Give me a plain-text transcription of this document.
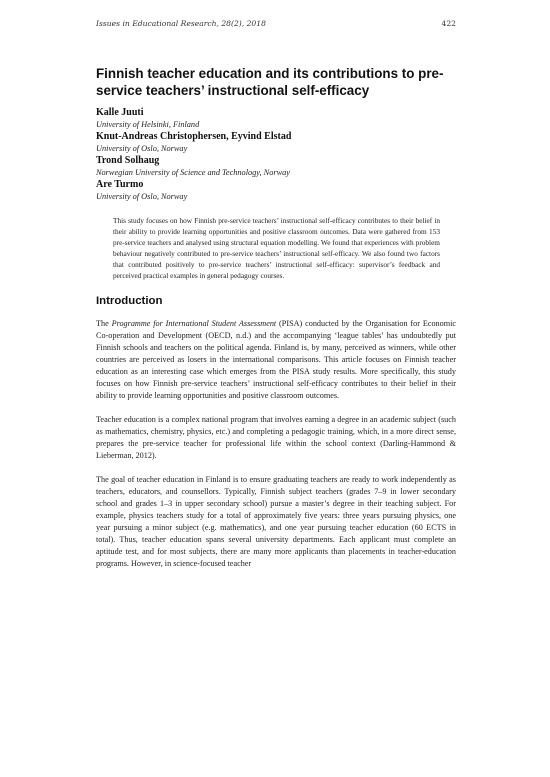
Issues in Educational Research, 28(2), 2018	422
Finnish teacher education and its contributions to pre-service teachers’ instructional self-efficacy

Kalle Juuti

University of Helsinki, Finland

Knut-Andreas Christophersen, Eyvind Elstad

University of Oslo, Norway

Trond Solhaug

Norwegian University of Science and Technology, Norway

Are Turmo

University of Oslo, Norway

This study focuses on how Finnish pre-service teachers’ instructional self-efficacy contributes to their belief in their ability to provide learning opportunities and positive classroom outcomes. Data were gathered from 153 pre-service teachers and analysed using structural equation modelling. We found that experiences with problem behaviour negatively contributed to pre-service teachers’ instructional self-efficacy. We also found two factors that contributed positively to pre-service teachers’ instructional self-efficacy: supervisor’s feedback and perceived practical examples in general pedagogy courses.

Introduction

The Programme for International Student Assessment (PISA) conducted by the Organisation for Economic Co-operation and Development (OECD, n.d.) and the accompanying ‘league tables’ has undoubtedly put Finnish schools and teachers on the political agenda. Finland is, by many, perceived as winners, while other countries are perceived as losers in the international comparisons. This article focuses on Finnish teacher education as an interesting case which emerges from the PISA study results. More specifically, this study focuses on how Finnish pre-service teachers’ instructional self-efficacy contributes to their belief in their ability to provide learning opportunities and positive classroom outcomes.

Teacher education is a complex national program that involves earning a degree in an academic subject (such as mathematics, chemistry, physics, etc.) and completing a pedagogic training, which, in a more direct sense, prepares the pre-service teacher for professional life within the school context (Darling-Hammond & Lieberman, 2012).

The goal of teacher education in Finland is to ensure graduating teachers are ready to work independently as teachers, educators, and counsellors. Typically, Finnish subject teachers (grades 7–9 in lower secondary school and grades 1–3 in upper secondary school) pursue a master’s degree in their teaching subject. For example, physics teachers study for a total of approximately five years: three years pursuing physics, one year pursuing a minor subject (e.g. mathematics), and one year pursuing teacher education (60 ECTS in total). Thus, teacher education spans several university departments. Each applicant must complete an aptitude test, and for most subjects, there are many more applicants than placements in teacher-education programs. However, in science-focused teacher
